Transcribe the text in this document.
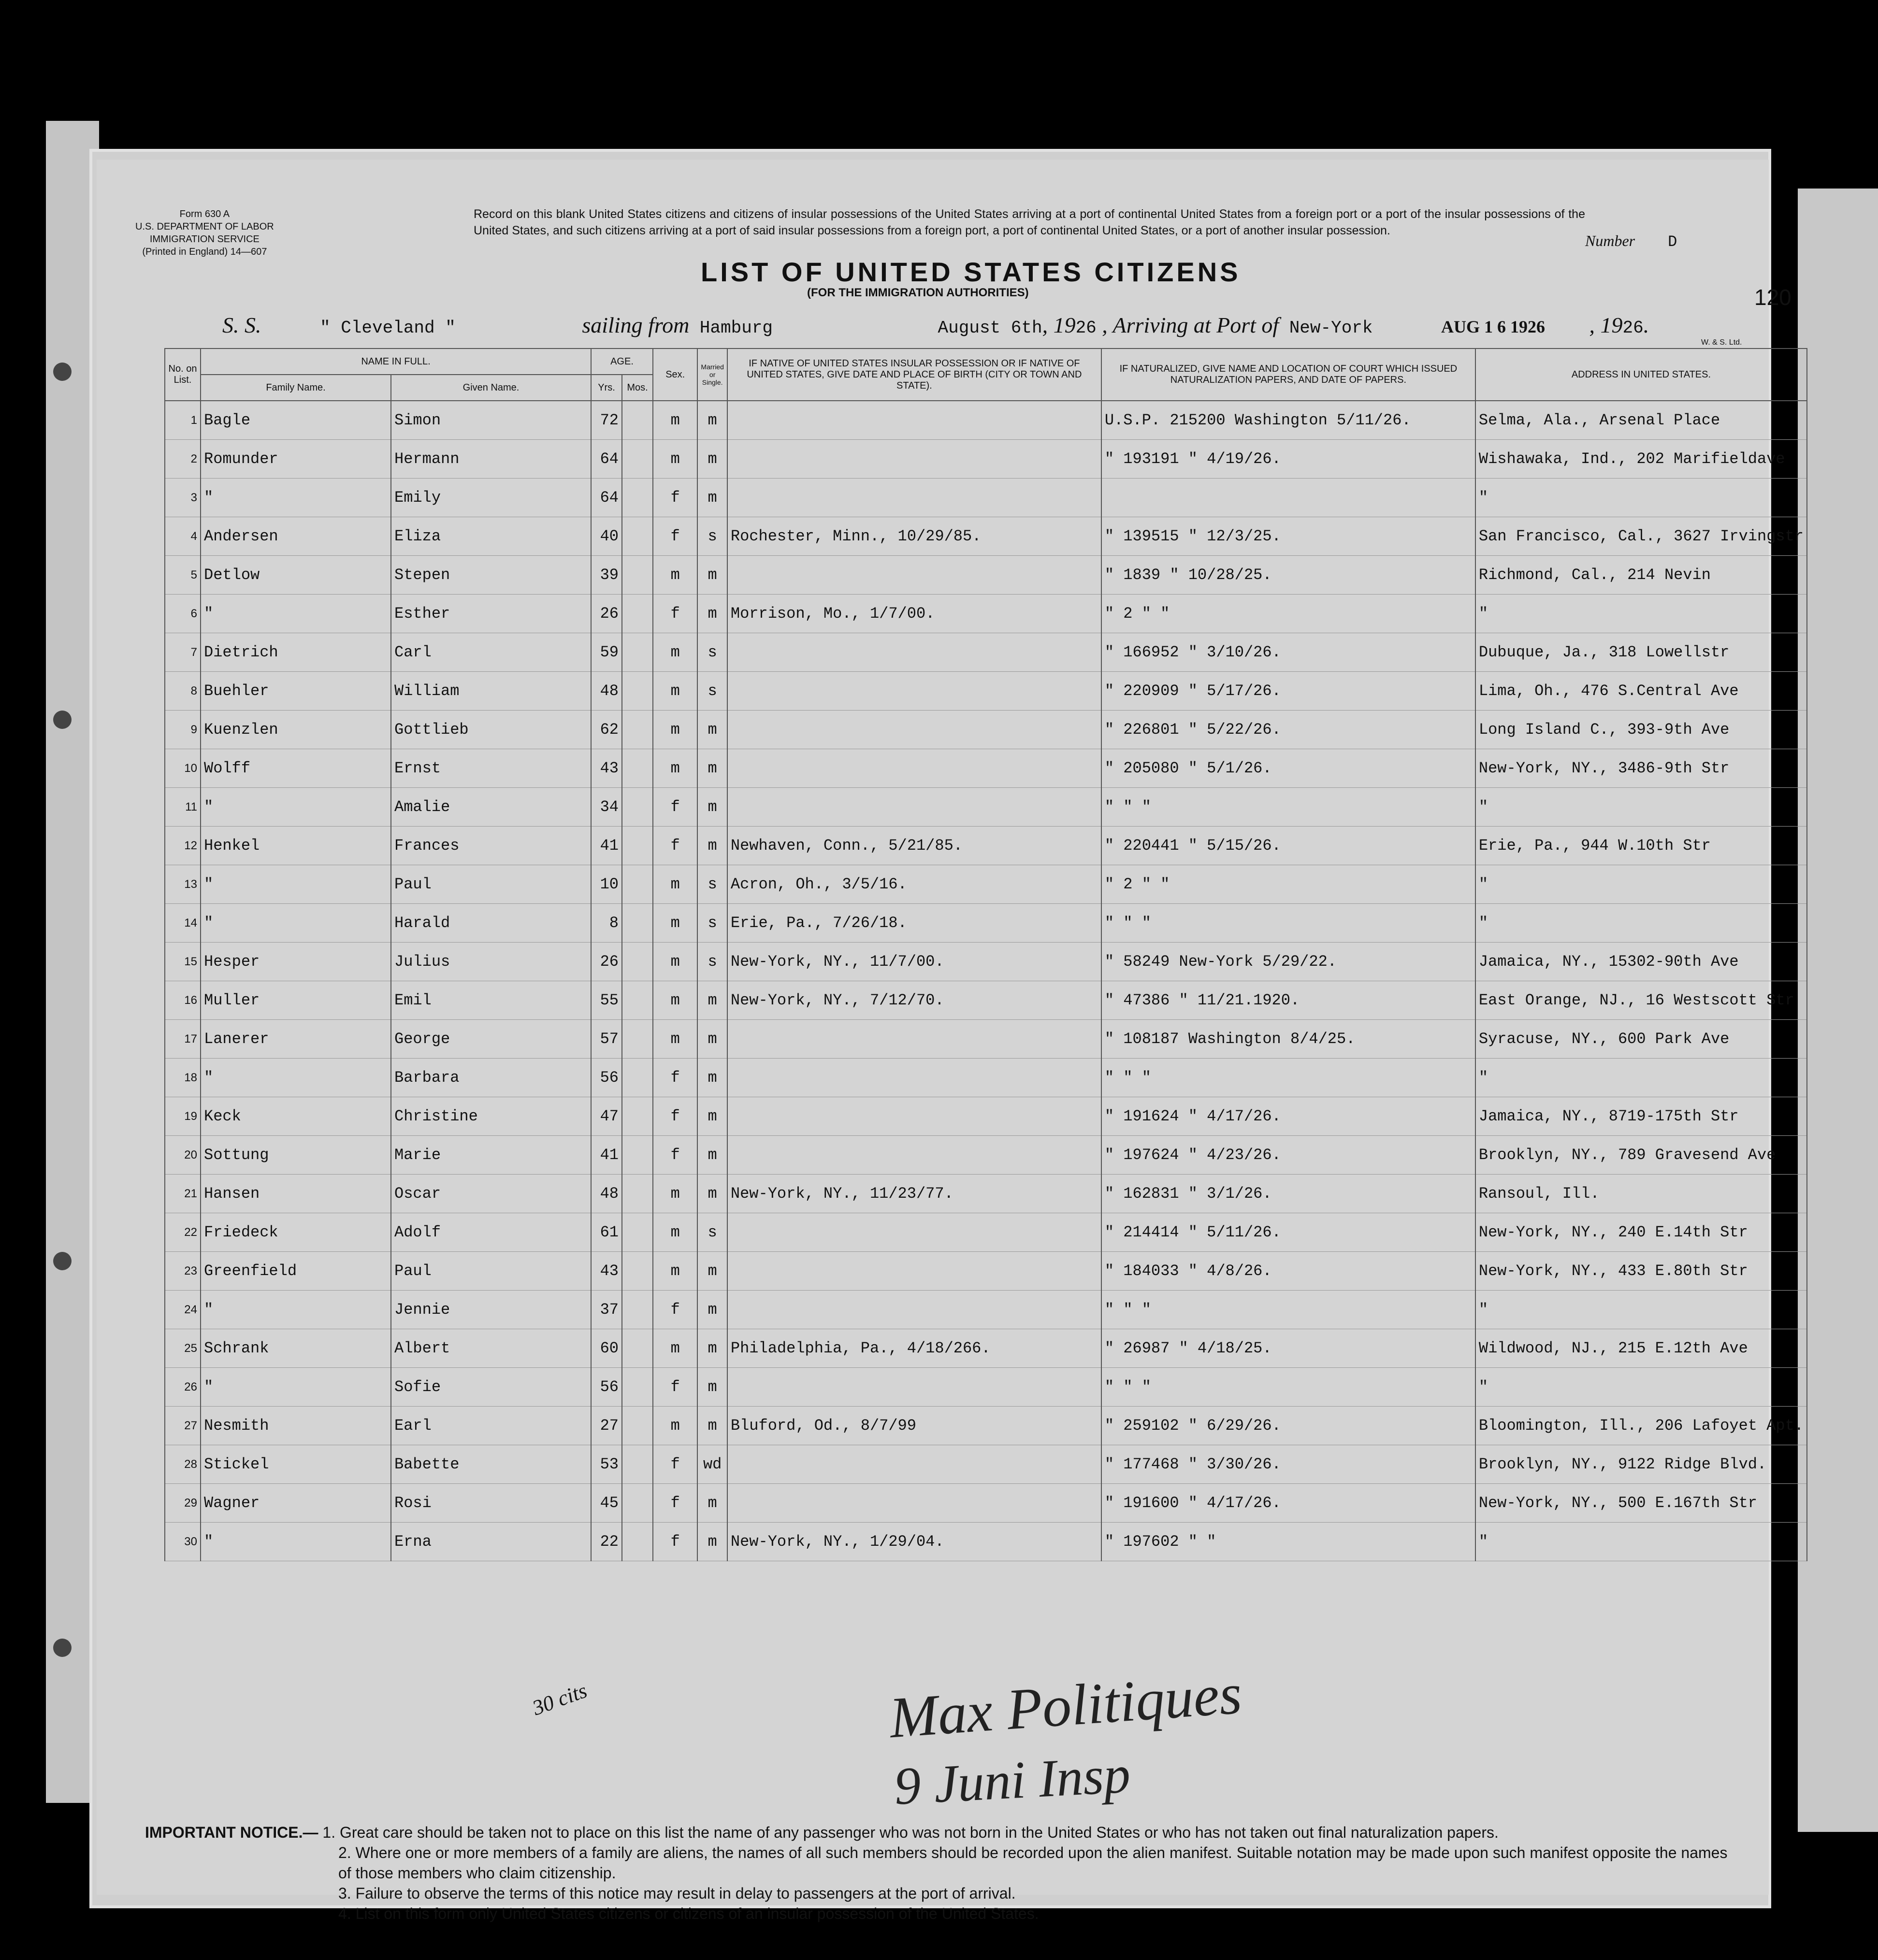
Form 630 A
U.S. DEPARTMENT OF LABOR
IMMIGRATION SERVICE
(Printed in England) 14—607
Record on this blank United States citizens and citizens of insular possessions of the United States arriving at a port of continental United States from a foreign port or a port of the insular possessions of the United States, and such citizens arriving at a port of said insular possessions from a foreign port, a port of continental United States, or a port of another insular possession.
LIST OF UNITED STATES CITIZENS
(FOR THE IMMIGRATION AUTHORITIES)
Number D
120
S. S.	" Cleveland "	sailing from Hamburg	August 6th, 1926 , Arriving at Port of New-York	AUG 1 6 1926 , 1926.
W. & S. Ltd.
No. on List.	NAME IN FULL.		AGE.		Sex.	Married or Single.	IF NATIVE OF UNITED STATES INSULAR POSSESSION OR IF NATIVE OF UNITED STATES, GIVE DATE AND PLACE OF BIRTH (CITY OR TOWN AND STATE).	IF NATURALIZED, GIVE NAME AND LOCATION OF COURT WHICH ISSUED NATURALIZATION PAPERS, AND DATE OF PAPERS.	ADDRESS IN UNITED STATES.
	Family Name.	Given Name.	Yrs.	Mos.					
1	Bagle	Simon	72		m	m		U.S.P. 215200 Washington 5/11/26.	Selma, Ala., Arsenal Place
2	Romunder	Hermann	64		m	m		" 193191 " 4/19/26.	Wishawaka, Ind., 202 Marifieldave
3	"	Emily	64		f	m			"
4	Andersen	Eliza	40		f	s	Rochester, Minn., 10/29/85.	" 139515 " 12/3/25.	San Francisco, Cal., 3627 Irvingstr
5	Detlow	Stepen	39		m	m		" 1839 " 10/28/25.	Richmond, Cal., 214 Nevin
6	"	Esther	26		f	m	Morrison, Mo., 1/7/00.	" 2 " "	"
7	Dietrich	Carl	59		m	s		" 166952 " 3/10/26.	Dubuque, Ja., 318 Lowellstr
8	Buehler	William	48		m	s		" 220909 " 5/17/26.	Lima, Oh., 476 S.Central Ave
9	Kuenzlen	Gottlieb	62		m	m		" 226801 " 5/22/26.	Long Island C., 393-9th Ave
10	Wolff	Ernst	43		m	m		" 205080 " 5/1/26.	New-York, NY., 3486-9th Str
11	"	Amalie	34		f	m		" " "	"
12	Henkel	Frances	41		f	m	Newhaven, Conn., 5/21/85.	" 220441 " 5/15/26.	Erie, Pa., 944 W.10th Str
13	"	Paul	10		m	s	Acron, Oh., 3/5/16.	" 2 " "	"
14	"	Harald	8		m	s	Erie, Pa., 7/26/18.	" " "	"
15	Hesper	Julius	26		m	s	New-York, NY., 11/7/00.	" 58249 New-York 5/29/22.	Jamaica, NY., 15302-90th Ave
16	Muller	Emil	55		m	m	New-York, NY., 7/12/70.	" 47386 " 11/21.1920.	East Orange, NJ., 16 Westscott Str
17	Lanerer	George	57		m	m		" 108187 Washington 8/4/25.	Syracuse, NY., 600 Park Ave
18	"	Barbara	56		f	m		" " "	"
19	Keck	Christine	47		f	m		" 191624 " 4/17/26.	Jamaica, NY., 8719-175th Str
20	Sottung	Marie	41		f	m		" 197624 " 4/23/26.	Brooklyn, NY., 789 Gravesend Ave
21	Hansen	Oscar	48		m	m	New-York, NY., 11/23/77.	" 162831 " 3/1/26.	Ransoul, Ill.
22	Friedeck	Adolf	61		m	s		" 214414 " 5/11/26.	New-York, NY., 240 E.14th Str
23	Greenfield	Paul	43		m	m		" 184033 " 4/8/26.	New-York, NY., 433 E.80th Str
24	"	Jennie	37		f	m		" " "	"
25	Schrank	Albert	60		m	m	Philadelphia, Pa., 4/18/266.	" 26987 " 4/18/25.	Wildwood, NJ., 215 E.12th Ave
26	"	Sofie	56		f	m		" " "	"
27	Nesmith	Earl	27		m	m	Bluford, Od., 8/7/99	" 259102 " 6/29/26.	Bloomington, Ill., 206 Lafoyet Apt.
28	Stickel	Babette	53		f	wd		" 177468 " 3/30/26.	Brooklyn, NY., 9122 Ridge Blvd.
29	Wagner	Rosi	45		f	m		" 191600 " 4/17/26.	New-York, NY., 500 E.167th Str
30	"	Erna	22		f	m	New-York, NY., 1/29/04.	" 197602 " "	"
30 cits	Max Politiques
9 Juni Insp
IMPORTANT NOTICE.— 1. Great care should be taken not to place on this list the name of any passenger who was not born in the United States or who has not taken out final naturalization papers.
2. Where one or more members of a family are aliens, the names of all such members should be recorded upon the alien manifest. Suitable notation may be made upon such manifest opposite the names of those members who claim citizenship.
3. Failure to observe the terms of this notice may result in delay to passengers at the port of arrival.
4. List on this form only United States citizens or citizens of an insular possession of the United States.
